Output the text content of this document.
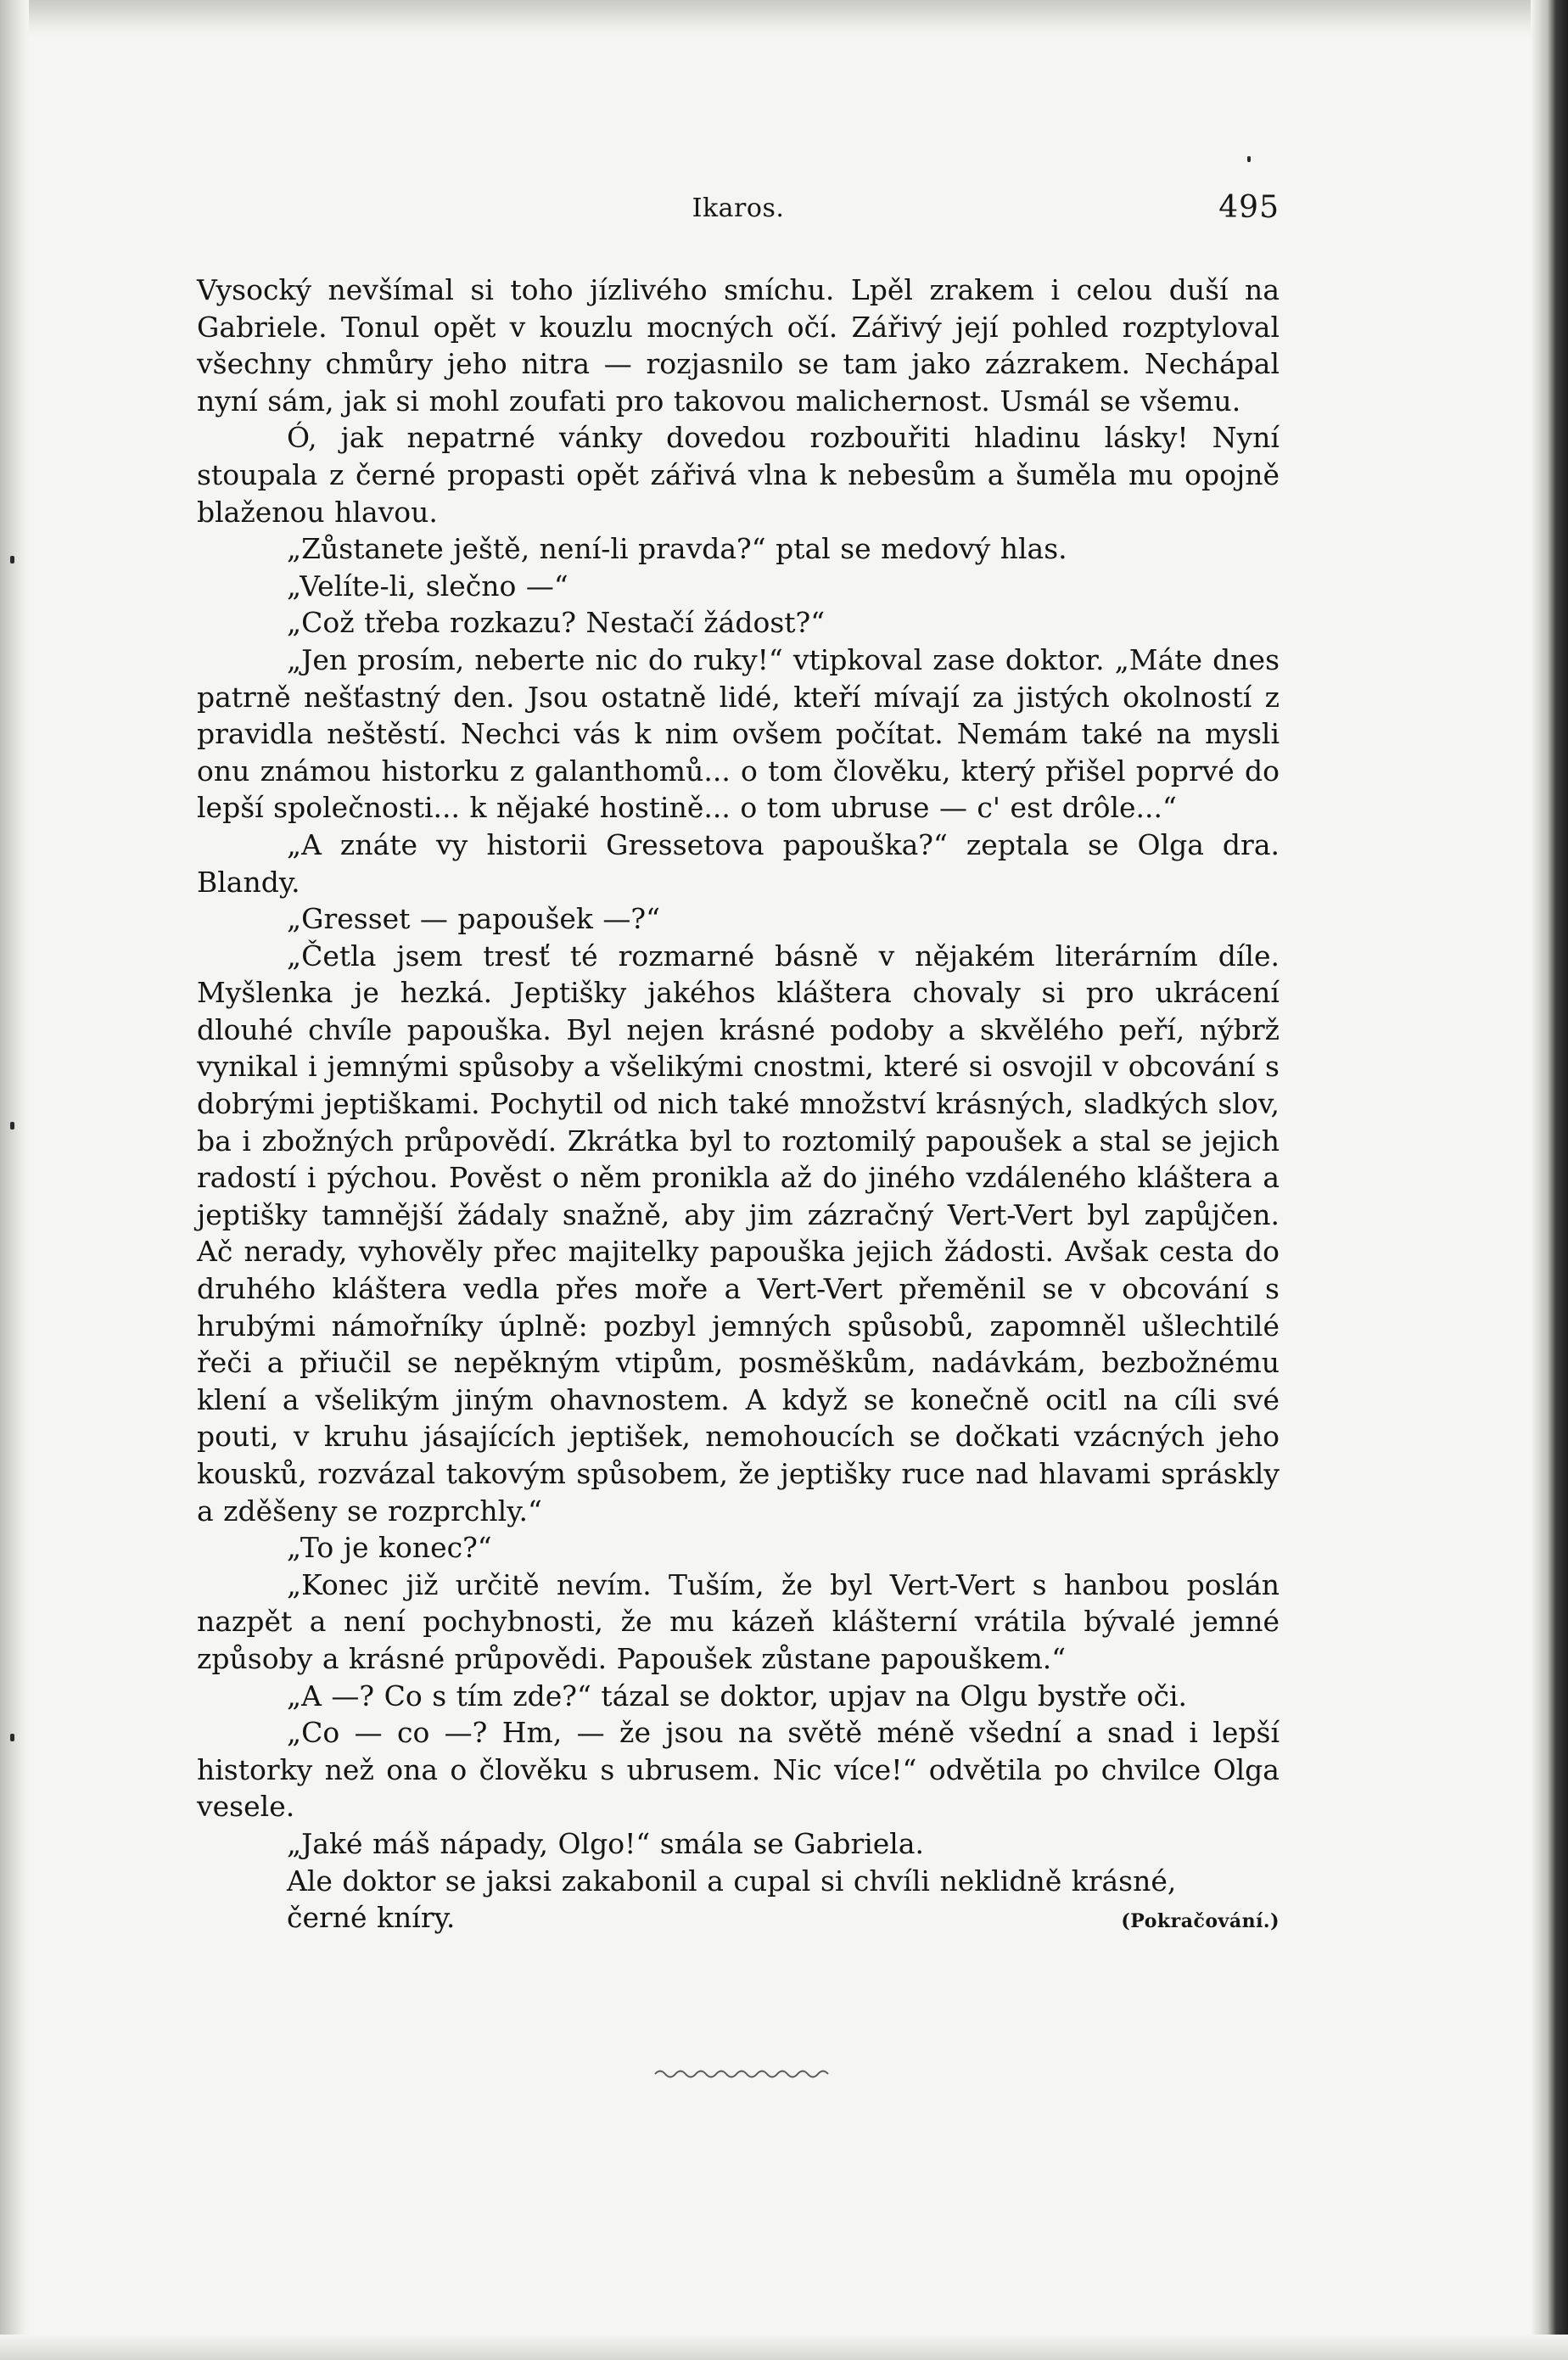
Ikaros.	495

Vysocký nevšímal si toho jízlivého smíchu. Lpěl zrakem i celou duší na Gabriele. Tonul opět v kouzlu mocných očí. Zářivý její pohled rozptyloval všechny chmůry jeho nitra — rozjasnilo se tam jako zázrakem. Nechápal nyní sám, jak si mohl zoufati pro takovou malichernost. Usmál se všemu.

Ó, jak nepatrné vánky dovedou rozbouřiti hladinu lásky! Nyní stoupala z černé propasti opět zářivá vlna k nebesům a šuměla mu opojně blaženou hlavou.

„Zůstanete ještě, není-li pravda?“ ptal se medový hlas.

„Velíte-li, slečno —“

„Což třeba rozkazu? Nestačí žádost?“

„Jen prosím, neberte nic do ruky!“ vtipkoval zase doktor. „Máte dnes patrně nešťastný den. Jsou ostatně lidé, kteří mívají za jistých okolností z pravidla neštěstí. Nechci vás k nim ovšem počítat. Nemám také na mysli onu známou historku z galanthomů... o tom člověku, který přišel poprvé do lepší společnosti... k nějaké hostině... o tom ubruse — c' est drôle...“

„A znáte vy historii Gressetova papouška?“ zeptala se Olga dra. Blandy.

„Gresset — papoušek —?“

„Četla jsem tresť té rozmarné básně v nějakém literárním díle. Myšlenka je hezká. Jeptišky jakéhos kláštera chovaly si pro ukrácení dlouhé chvíle papouška. Byl nejen krásné podoby a skvělého peří, nýbrž vynikal i jemnými spůsoby a všelikými cnostmi, které si osvojil v obcování s dobrými jeptiškami. Pochytil od nich také množství krásných, sladkých slov, ba i zbožných průpovědí. Zkrátka byl to roztomilý papoušek a stal se jejich radostí i pýchou. Pověst o něm pronikla až do jiného vzdáleného kláštera a jeptišky tamnější žádaly snažně, aby jim zázračný Vert-Vert byl zapůjčen. Ač nerady, vyhověly přec majitelky papouška jejich žádosti. Avšak cesta do druhého kláštera vedla přes moře a Vert-Vert přeměnil se v obcování s hrubými námořníky úplně: pozbyl jemných spůsobů, zapomněl ušlechtilé řeči a přiučil se nepěkným vtipům, posměškům, nadávkám, bezbožnému klení a všelikým jiným ohavnostem. A když se konečně ocitl na cíli své pouti, v kruhu jásajících jeptišek, nemohoucích se dočkati vzácných jeho kousků, rozvázal takovým spůsobem, že jeptišky ruce nad hlavami spráskly a zděšeny se rozprchly.“

„To je konec?“

„Konec již určitě nevím. Tuším, že byl Vert-Vert s hanbou poslán nazpět a není pochybnosti, že mu kázeň klášterní vrátila bývalé jemné způsoby a krásné průpovědi. Papoušek zůstane papouškem.“

„A —? Co s tím zde?“ tázal se doktor, upjav na Olgu bystře oči.

„Co — co —? Hm, — že jsou na světě méně všední a snad i lepší historky než ona o člověku s ubrusem. Nic více!“ odvětila po chvilce Olga vesele.

„Jaké máš nápady, Olgo!“ smála se Gabriela.

Ale doktor se jaksi zakabonil a cupal si chvíli neklidně krásné,

černé kníry.	(Pokračování.)
